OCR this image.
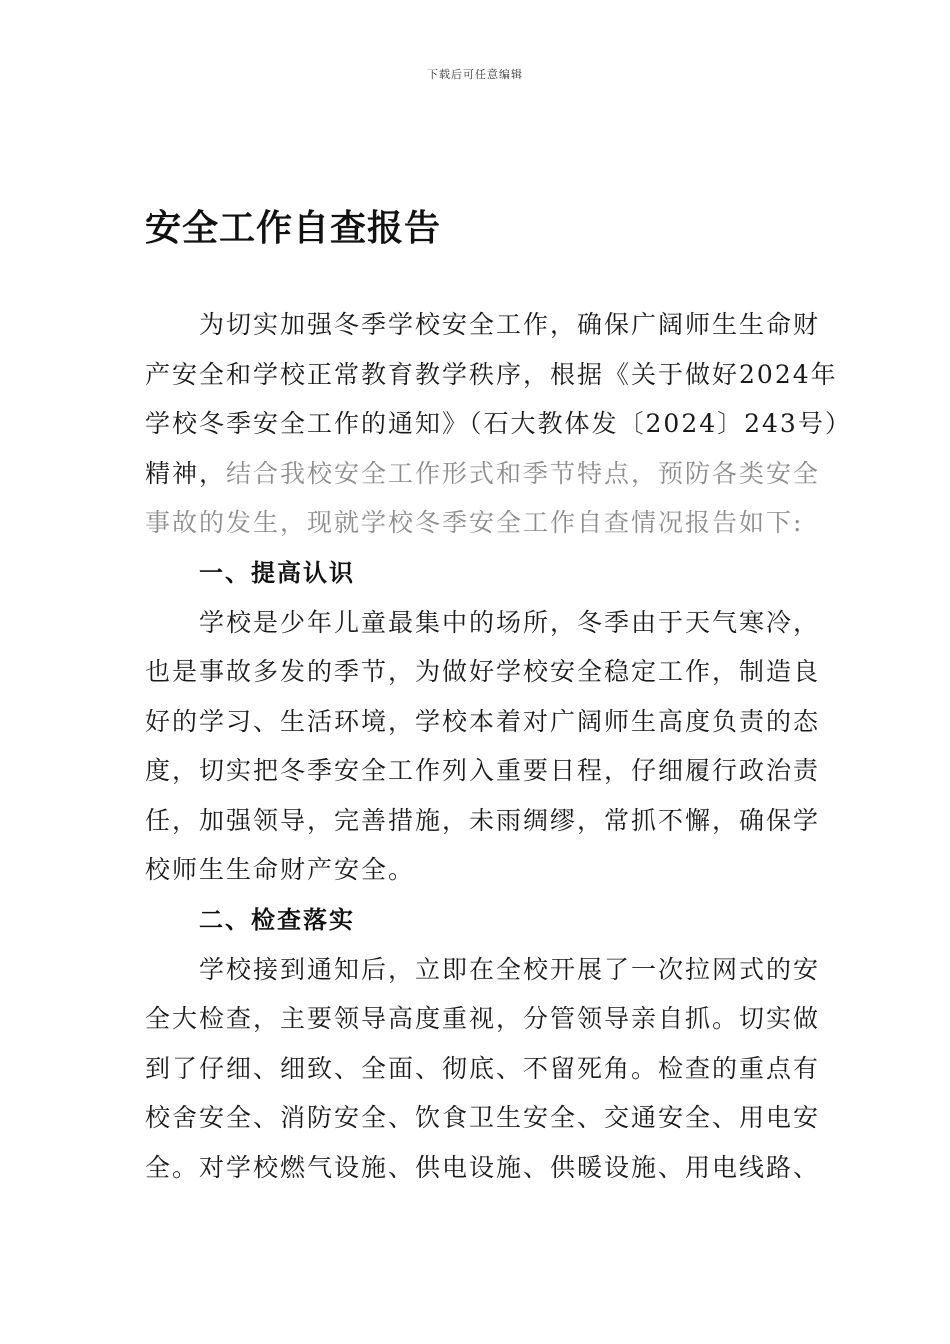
下载后可任意编辑
安全工作自查报告

为切实加强冬季学校安全工作，确保广阔师生生命财
产安全和学校正常教育教学秩序，根据《关于做好2024年
学校冬季安全工作的通知》（石大教体发〔2024〕243号）
精神，结合我校安全工作形式和季节特点，预防各类安全
事故的发生，现就学校冬季安全工作自查情况报告如下:

一、提高认识

学校是少年儿童最集中的场所，冬季由于天气寒冷，
也是事故多发的季节，为做好学校安全稳定工作，制造良
好的学习、生活环境，学校本着对广阔师生高度负责的态
度，切实把冬季安全工作列入重要日程，仔细履行政治责
任，加强领导，完善措施，未雨绸缪，常抓不懈，确保学
校师生生命财产安全。

二、检查落实

学校接到通知后，立即在全校开展了一次拉网式的安
全大检查，主要领导高度重视，分管领导亲自抓。切实做
到了仔细、细致、全面、彻底、不留死角。检查的重点有
校舍安全、消防安全、饮食卫生安全、交通安全、用电安
全。对学校燃气设施、供电设施、供暖设施、用电线路、
